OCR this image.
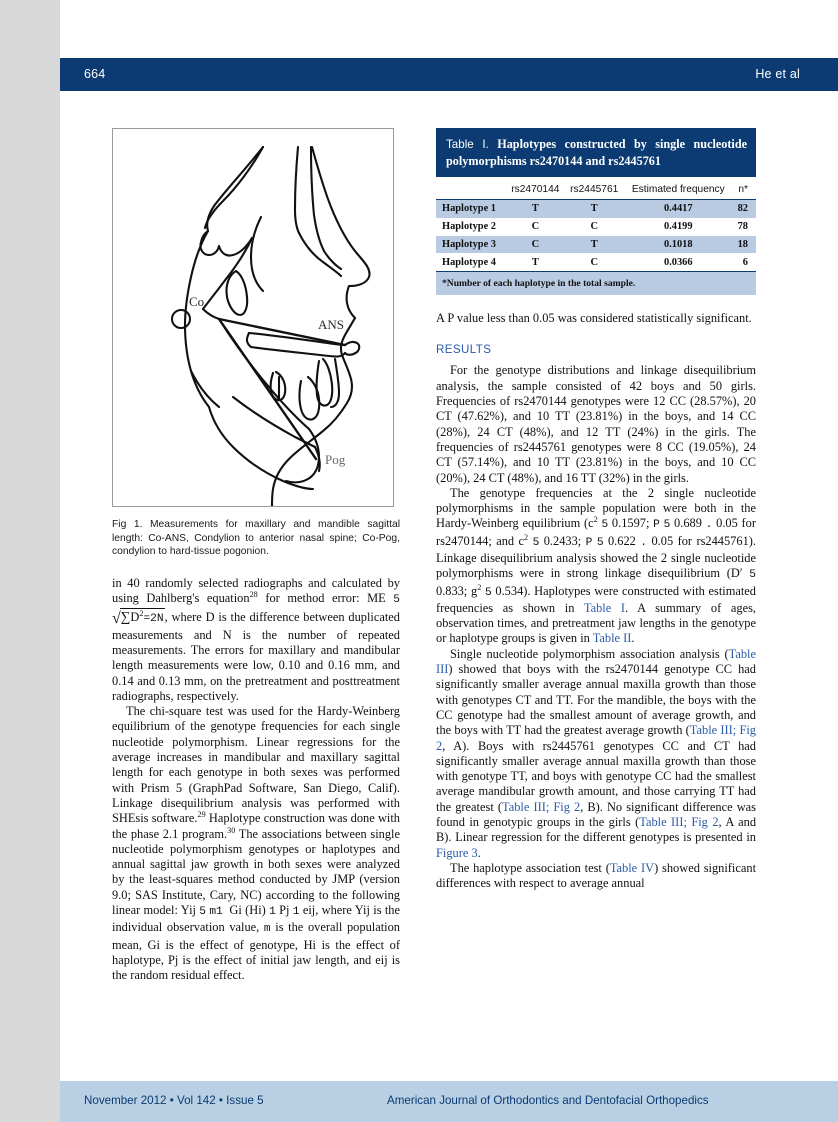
664	He et al
Co
ANS
Pog
Fig 1. Measurements for maxillary and mandible sagittal length: Co-ANS, Condylion to anterior nasal spine; Co-Pog, condylion to hard-tissue pogonion.

in 40 randomly selected radiographs and calculated by using Dahlberg's equation$^{28}$ for method error: ME 5 $√\sum D^2=2N$, where D is the difference between duplicated measurements and N is the number of repeated measurements. The errors for maxillary and mandibular length measurements were low, 0.10 and 0.16 mm, and 0.14 and 0.13 mm, on the pretreatment and posttreatment radiographs, respectively.

The chi-square test was used for the Hardy-Weinberg equilibrium of the genotype frequencies for each single nucleotide polymorphism. Linear regressions for the average increases in mandibular and maxillary sagittal length for each genotype in both sexes was performed with Prism 5 (GraphPad Software, San Diego, Calif). Linkage disequilibrium analysis was performed with SHEsis software.$^{29}$ Haplotype construction was done with the phase 2.1 program.$^{30}$ The associations between single nucleotide polymorphism genotypes or haplotypes and annual sagittal jaw growth in both sexes were analyzed by the least-squares method conducted by JMP (version 9.0; SAS Institute, Cary, NC) according to the following linear model: Yij 5 m1  Gi (Hi) 1 Pj 1 eij, where Yij is the individual observation value, m is the overall population mean, Gi is the effect of genotype, Hi is the effect of haplotype, Pj is the effect of initial jaw length, and eij is the random residual effect.

Table I. Haplotypes constructed by single nucleotide polymorphisms rs2470144 and rs2445761
	rs2470144	rs2445761	Estimated frequency	n*
Haplotype 1	T	T	0.4417	82
Haplotype 2	C	C	0.4199	78
Haplotype 3	C	T	0.1018	18
Haplotype 4	T	C	0.0366	6
*Number of each haplotype in the total sample.

A P value less than 0.05 was considered statistically significant.

RESULTS

For the genotype distributions and linkage disequilibrium analysis, the sample consisted of 42 boys and 50 girls. Frequencies of rs2470144 genotypes were 12 CC (28.57%), 20 CT (47.62%), and 10 TT (23.81%) in the boys, and 14 CC (28%), 24 CT (48%), and 12 TT (24%) in the girls. The frequencies of rs2445761 genotypes were 8 CC (19.05%), 24 CT (57.14%), and 10 TT (23.81%) in the boys, and 10 CC (20%), 24 CT (48%), and 16 TT (32%) in the girls.

The genotype frequencies at the 2 single nucleotide polymorphisms in the sample population were both in the Hardy-Weinberg equilibrium ($c^2$ 5 0.1597; P 5 0.689 . 0.05 for rs2470144; and $c^2$ 5 0.2433; P 5 0.622 . 0.05 for rs2445761). Linkage disequilibrium analysis showed the 2 single nucleotide polymorphisms were in strong linkage disequilibrium (D′ 5 0.833; $g^2$ 5 0.534). Haplotypes were constructed with estimated frequencies as shown in Table I. A summary of ages, observation times, and pretreatment jaw lengths in the genotype or haplotype groups is given in Table II.

Single nucleotide polymorphism association analysis (Table III) showed that boys with the rs2470144 genotype CC had significantly smaller average annual maxilla growth than those with genotypes CT and TT. For the mandible, the boys with the CC genotype had the smallest amount of average growth, and the boys with TT had the greatest average growth (Table III; Fig 2, A). Boys with rs2445761 genotypes CC and CT had significantly smaller average annual maxilla growth than those with genotype TT, and boys with genotype CC had the smallest average mandibular growth amount, and those carrying TT had the greatest (Table III; Fig 2, B). No significant difference was found in genotypic groups in the girls (Table III; Fig 2, A and B). Linear regression for the different genotypes is presented in Figure 3.

The haplotype association test (Table IV) showed significant differences with respect to average annual

November 2012 • Vol 142 • Issue 5	American Journal of Orthodontics and Dentofacial Orthopedics
